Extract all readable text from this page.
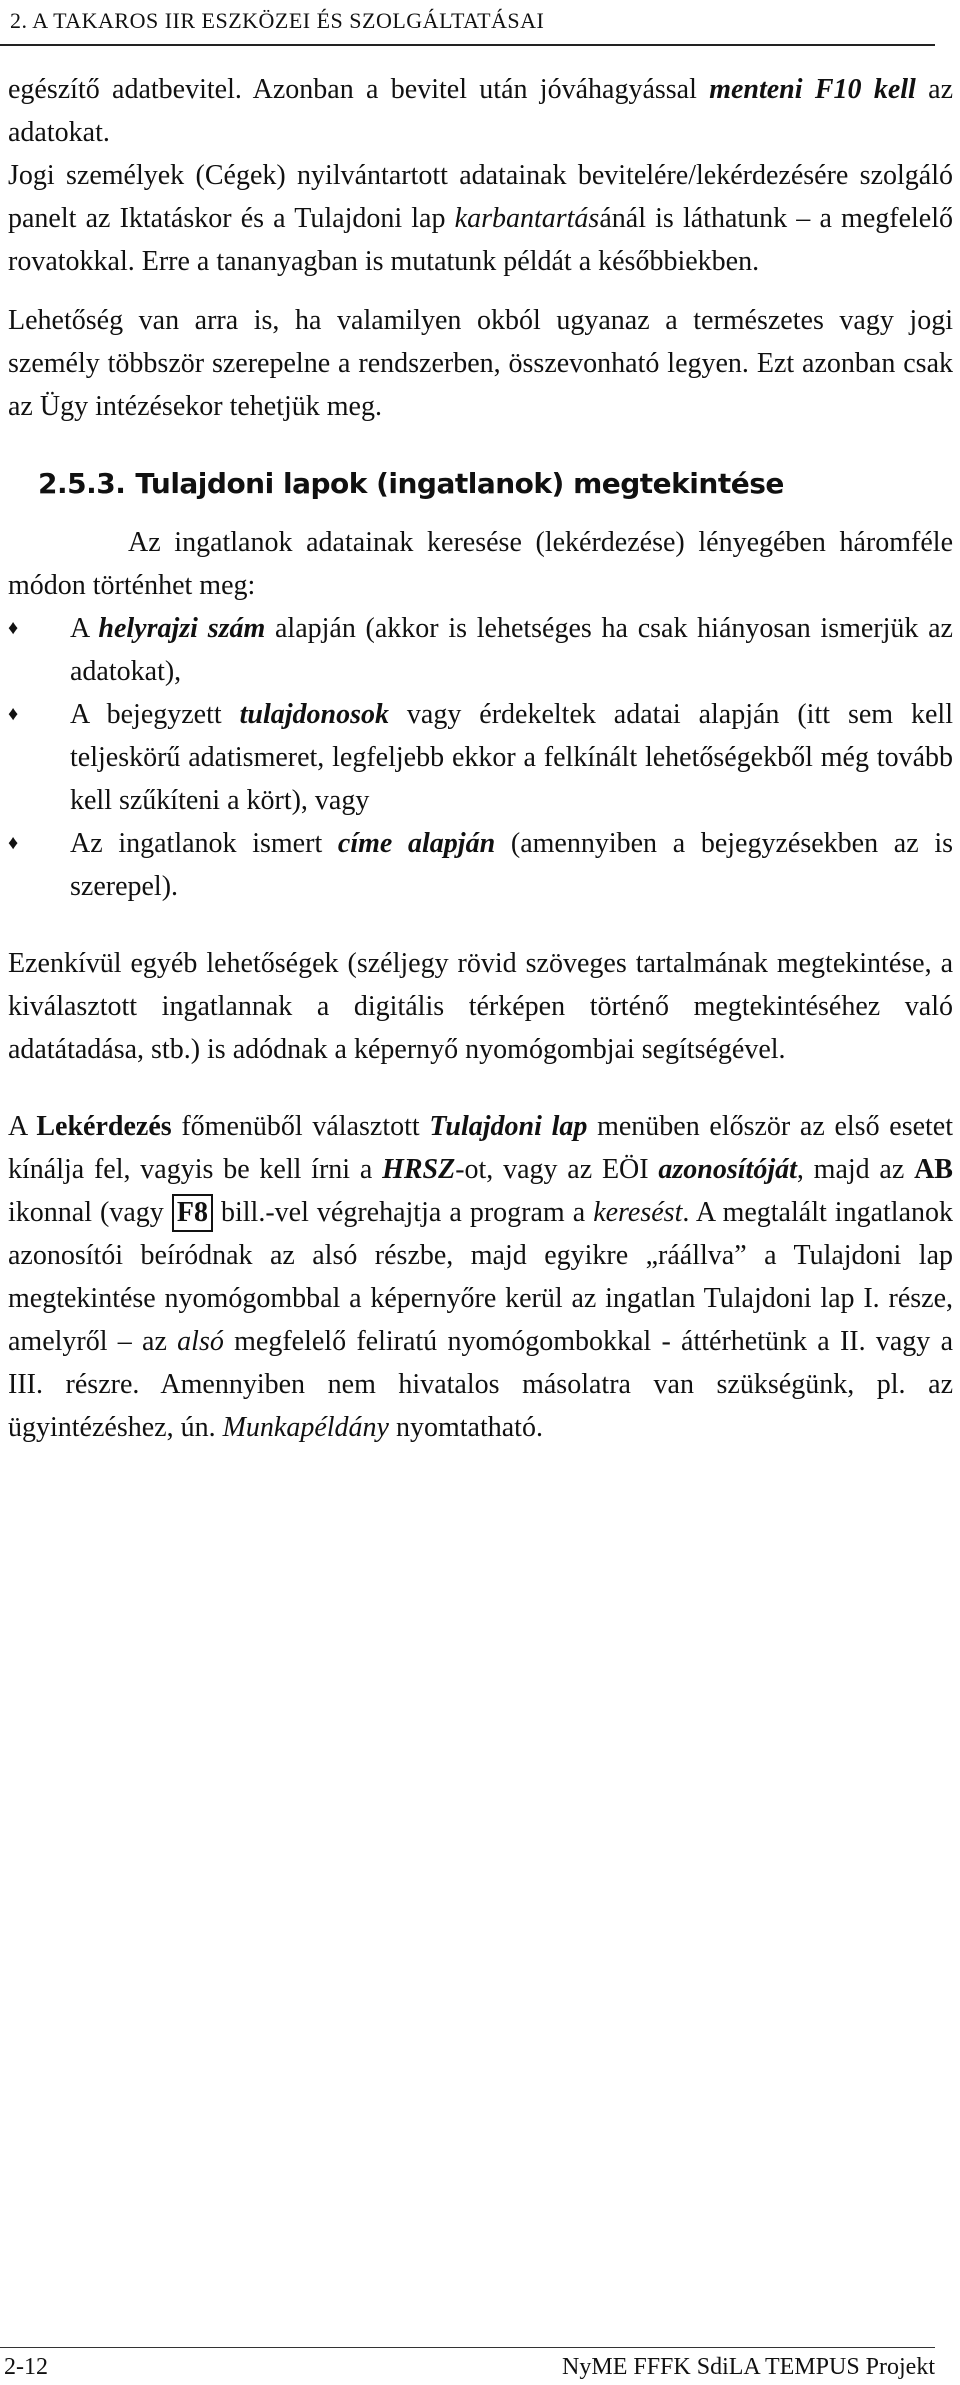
2. A TAKAROS IIR ESZKÖZEI ÉS SZOLGÁLTATÁSAI

egészítő adatbevitel. Azonban a bevitel után jóváhagyással menteni F10 kell az adatokat.

Jogi személyek (Cégek) nyilvántartott adatainak bevitelére/lekérdezésére szolgáló panelt az Iktatáskor és a Tulajdoni lap karbantartásánál is láthatunk – a megfelelő rovatokkal. Erre a tananyagban is mutatunk példát a későbbiekben.

Lehetőség van arra is, ha valamilyen okból ugyanaz a természetes vagy jogi személy többször szerepelne a rendszerben, összevonható legyen. Ezt azonban csak az Ügy intézésekor tehetjük meg.

2.5.3. Tulajdoni lapok (ingatlanok) megtekintése

Az ingatlanok adatainak keresése (lekérdezése) lényegében háromféle módon történhet meg:

♦ A helyrajzi szám alapján (akkor is lehetséges ha csak hiányosan ismerjük az adatokat),
♦ A bejegyzett tulajdonosok vagy érdekeltek adatai alapján (itt sem kell teljeskörű adatismeret, legfeljebb ekkor a felkínált lehetőségekből még tovább kell szűkíteni a kört), vagy
♦ Az ingatlanok ismert címe alapján (amennyiben a bejegyzésekben az is szerepel).

Ezenkívül egyéb lehetőségek (széljegy rövid szöveges tartalmának megtekintése, a kiválasztott ingatlannak a digitális térképen történő megtekintéséhez való adatátadása, stb.) is adódnak a képernyő nyomógombjai segítségével.

A Lekérdezés főmenüből választott Tulajdoni lap menüben először az első esetet kínálja fel, vagyis be kell írni a HRSZ-ot, vagy az EÖI azonosítóját, majd az AB ikonnal (vagy F8 bill.-vel végrehajtja a program a keresést. A megtalált ingatlanok azonosítói beíródnak az alsó részbe, majd egyikre „ráállva” a Tulajdoni lap megtekintése nyomógombbal a képernyőre kerül az ingatlan Tulajdoni lap I. része, amelyről – az alsó megfelelő feliratú nyomógombokkal - áttérhetünk a II. vagy a III. részre. Amennyiben nem hivatalos másolatra van szükségünk, pl. az ügyintézéshez, ún. Munkapéldány nyomtatható.

2-12	NyME FFFK SdiLA TEMPUS Projekt
